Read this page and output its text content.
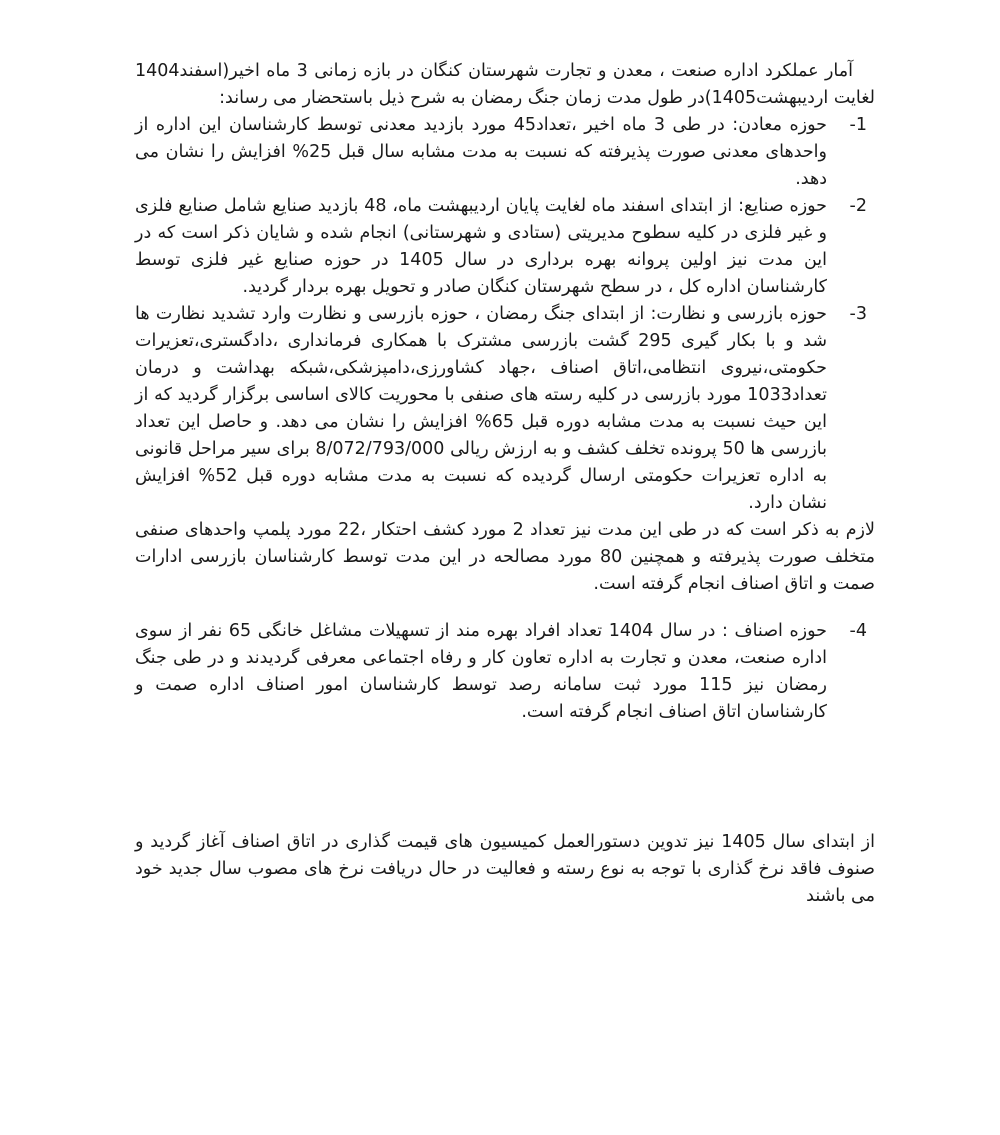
آمار عملکرد اداره صنعت ، معدن و تجارت شهرستان کنگان در بازه زمانی 3 ماه اخیر(اسفند1404 لغایت اردیبهشت1405)در طول مدت زمان جنگ رمضان به شرح ذیل باستحضار می رساند:

-1
حوزه معادن: در طی 3 ماه اخیر ،تعداد45 مورد بازدید معدنی توسط کارشناسان این اداره از واحدهای معدنی صورت پذیرفته که نسبت به مدت مشابه سال قبل 25% افزایش را نشان می دهد.
-2
حوزه صنایع: از ابتدای اسفند ماه لغایت پایان اردیبهشت ماه، 48 بازدید صنایع شامل صنایع فلزی و غیر فلزی در کلیه سطوح مدیریتی (ستادی و شهرستانی) انجام شده و شایان ذکر است که در این مدت نیز اولین پروانه بهره برداری در سال 1405 در حوزه صنایع غیر فلزی توسط کارشناسان اداره کل ، در سطح شهرستان کنگان صادر و تحویل بهره بردار گردید.
-3
حوزه بازرسی و نظارت: از ابتدای جنگ رمضان ، حوزه بازرسی و نظارت وارد تشدید نظارت ها شد و با بکار گیری 295 گشت بازرسی مشترک با همکاری فرمانداری ،دادگستری،تعزیرات حکومتی،نیروی انتظامی،اتاق اصناف ،جهاد کشاورزی،دامپزشکی،شبکه بهداشت و درمان تعداد1033 مورد بازرسی در کلیه رسته های صنفی با محوریت کالای اساسی برگزار گردید که از این حیث نسبت به مدت مشابه دوره قبل 65% افزایش را نشان می دهد. و حاصل این تعداد بازرسی ها 50 پرونده تخلف کشف و به ارزش ریالی 8/072/793/000 برای سیر مراحل قانونی به اداره تعزیرات حکومتی ارسال گردیده که نسبت به مدت مشابه دوره قبل 52% افزایش نشان دارد.

لازم به ذکر است که در طی این مدت نیز تعداد 2 مورد کشف احتکار ،22 مورد پلمپ واحدهای صنفی متخلف صورت پذیرفته و همچنین 80 مورد مصالحه در این مدت توسط کارشناسان بازرسی ادارات صمت و اتاق اصناف انجام گرفته است.

-4
حوزه اصناف : در سال 1404 تعداد افراد بهره مند از تسهیلات مشاغل خانگی 65 نفر از سوی اداره صنعت، معدن و تجارت به اداره تعاون کار و رفاه اجتماعی معرفی گردیدند و در طی جنگ رمضان نیز 115 مورد ثبت سامانه رصد توسط کارشناسان امور اصناف اداره صمت و کارشناسان اتاق اصناف انجام گرفته است.

از ابتدای سال 1405 نیز تدوین دستورالعمل کمیسیون های قیمت گذاری در اتاق اصناف آغاز گردید و صنوف فاقد نرخ گذاری با توجه به نوع رسته و فعالیت در حال دریافت نرخ های مصوب سال جدید خود می باشند
